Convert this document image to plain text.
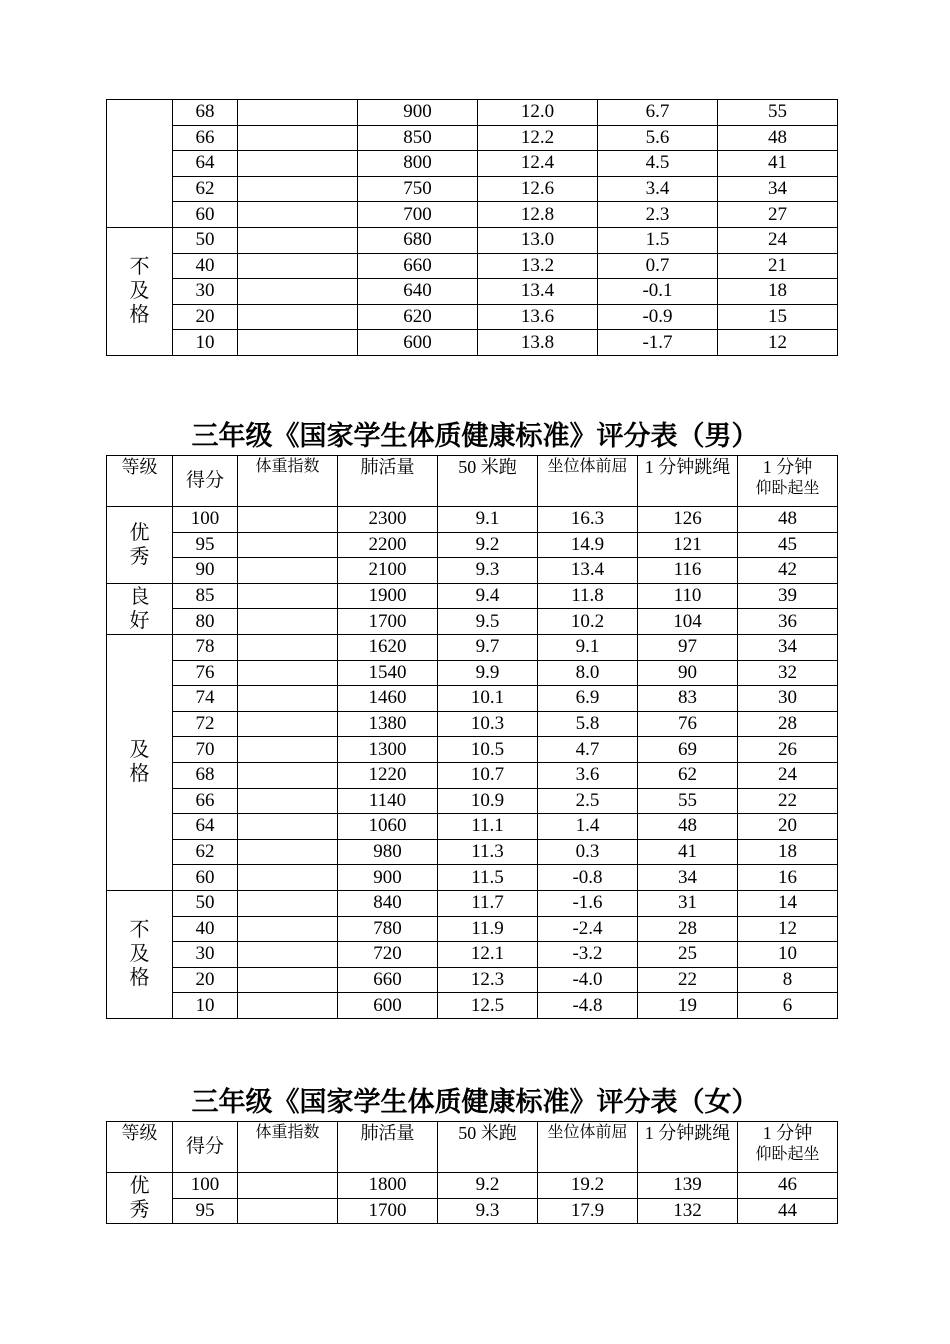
	68		900	12.0	6.7	55
	66		850	12.2	5.6	48
	64		800	12.4	4.5	41
	62		750	12.6	3.4	34
	60		700	12.8	2.3	27

不
及
格	50		680	13.0	1.5	24
	40		660	13.2	0.7	21
	30		640	13.4	-0.1	18
	20		620	13.6	-0.9	15
	10		600	13.8	-1.7	12
三年级《国家学生体质健康标准》评分表（男）
等级	得分	体重指数	肺活量	50 米跑	坐位体前屈	1 分钟跳绳	1 分钟
仰卧起坐

优
秀	100		2300	9.1	16.3	126	48
	95		2200	9.2	14.9	121	45
	90		2100	9.3	13.4	116	42

良
好	85		1900	9.4	11.8	110	39
	80		1700	9.5	10.2	104	36

及
格	78		1620	9.7	9.1	97	34
	76		1540	9.9	8.0	90	32
	74		1460	10.1	6.9	83	30
	72		1380	10.3	5.8	76	28
	70		1300	10.5	4.7	69	26
	68		1220	10.7	3.6	62	24
	66		1140	10.9	2.5	55	22
	64		1060	11.1	1.4	48	20
	62		980	11.3	0.3	41	18
	60		900	11.5	-0.8	34	16

不
及
格	50		840	11.7	-1.6	31	14
	40		780	11.9	-2.4	28	12
	30		720	12.1	-3.2	25	10
	20		660	12.3	-4.0	22	8
	10		600	12.5	-4.8	19	6
三年级《国家学生体质健康标准》评分表（女）
等级	得分	体重指数	肺活量	50 米跑	坐位体前屈	1 分钟跳绳	1 分钟
仰卧起坐

优
秀	100		1800	9.2	19.2	139	46
	95		1700	9.3	17.9	132	44
